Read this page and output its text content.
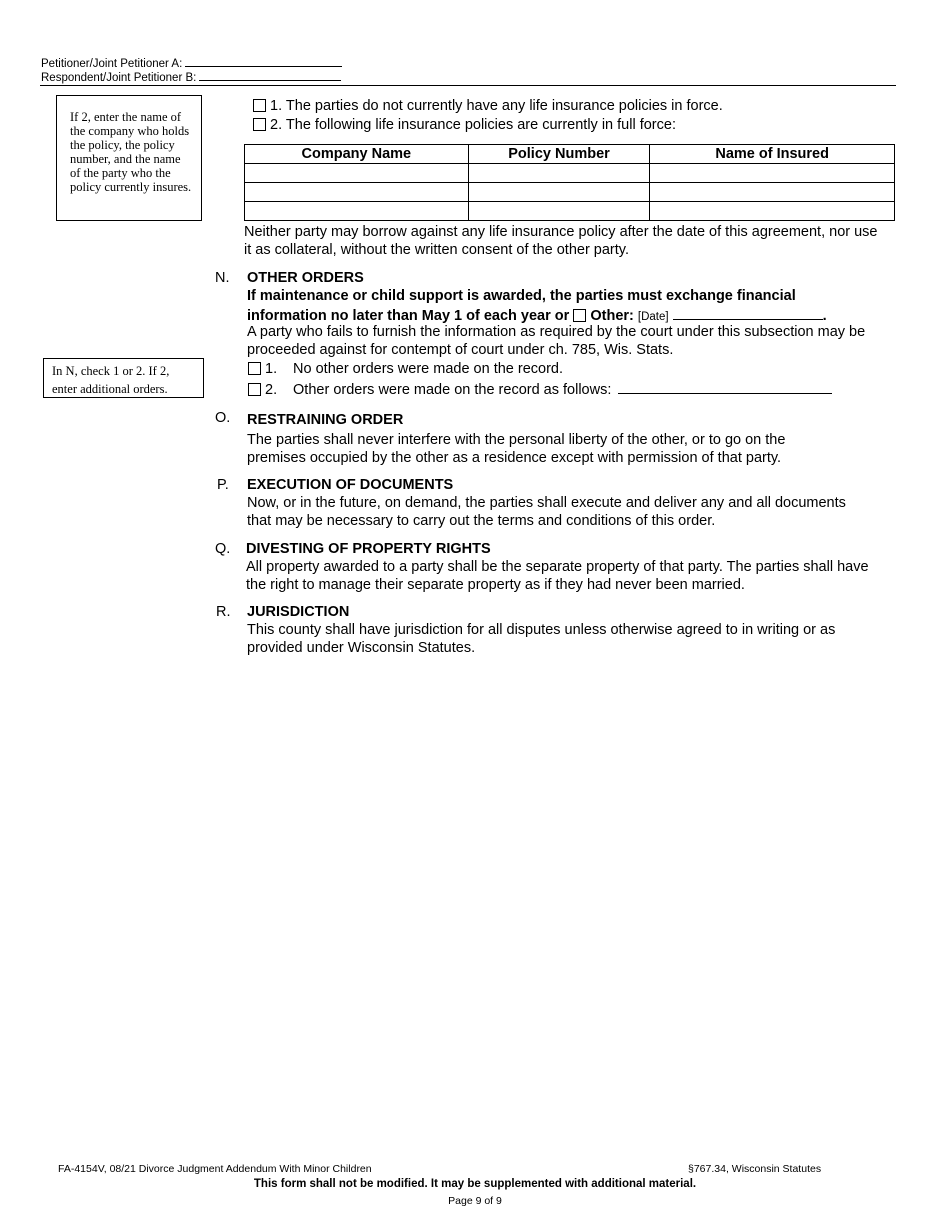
Petitioner/Joint Petitioner A:
Respondent/Joint Petitioner B:
If 2, enter the name of the company who holds the policy, the policy number, and the name of the party who the policy currently insures.
In N, check 1 or 2. If 2, enter additional orders.
1. The parties do not currently have any life insurance policies in force.
2. The following life insurance policies are currently in full force:
Company Name	Policy Number	Name of Insured

Neither party may borrow against any life insurance policy after the date of this agreement, nor use it as collateral, without the written consent of the other party.
N. OTHER ORDERS
If maintenance or child support is awarded, the parties must exchange financial
information no later than May 1 of each year or Other: [Date]	.
A party who fails to furnish the information as required by the court under this subsection may be proceeded against for contempt of court under ch. 785, Wis. Stats.
1. No other orders were made on the record.
2. Other orders were made on the record as follows:
O. RESTRAINING ORDER
The parties shall never interfere with the personal liberty of the other, or to go on the premises occupied by the other as a residence except with permission of that party.
P. EXECUTION OF DOCUMENTS
Now, or in the future, on demand, the parties shall execute and deliver any and all documents that may be necessary to carry out the terms and conditions of this order.
Q. DIVESTING OF PROPERTY RIGHTS
All property awarded to a party shall be the separate property of that party. The parties shall have the right to manage their separate property as if they had never been married.
R. JURISDICTION
This county shall have jurisdiction for all disputes unless otherwise agreed to in writing or as provided under Wisconsin Statutes.
FA-4154V, 08/21 Divorce Judgment Addendum With Minor Children	§767.34, Wisconsin Statutes
This form shall not be modified. It may be supplemented with additional material.
Page 9 of 9
